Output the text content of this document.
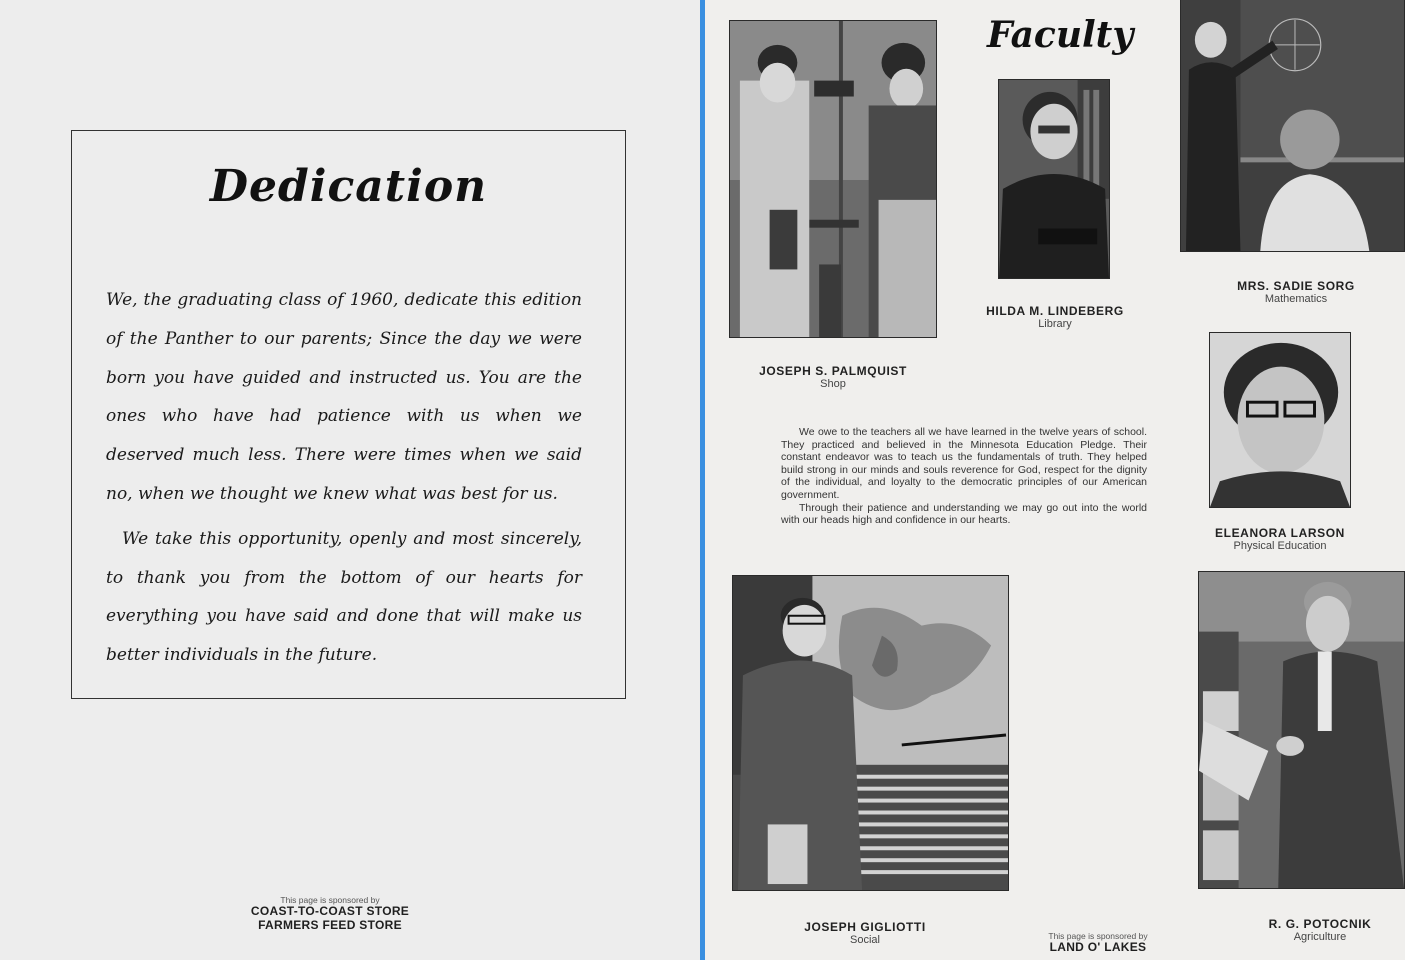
Dedication

We, the graduating class of 1960, dedicate this edition of the Panther to our parents; Since the day we were born you have guided and instructed us. You are the ones who have had patience with us when we deserved much less. There were times when we said no, when we thought we knew what was best for us.

We take this opportunity, openly and most sincerely, to thank you from the bottom of our hearts for everything you have said and done that will make us better individuals in the future.

This page is sponsored by
COAST-TO-COAST STORE
FARMERS FEED STORE
Faculty
JOSEPH S. PALMQUIST
Shop
HILDA M. LINDEBERG
Library
MRS. SADIE SORG
Mathematics
ELEANORA LARSON
Physical Education

We owe to the teachers all we have learned in the twelve years of school. They practiced and believed in the Minnesota Education Pledge. Their constant endeavor was to teach us the fundamentals of truth. They helped build strong in our minds and souls reverence for God, respect for the dignity of the individual, and loyalty to the democratic principles of our American government.

Through their patience and understanding we may go out into the world with our heads high and confidence in our hearts.

JOSEPH GIGLIOTTI
Social
R. G. POTOCNIK
Agriculture
This page is sponsored by
LAND O' LAKES
